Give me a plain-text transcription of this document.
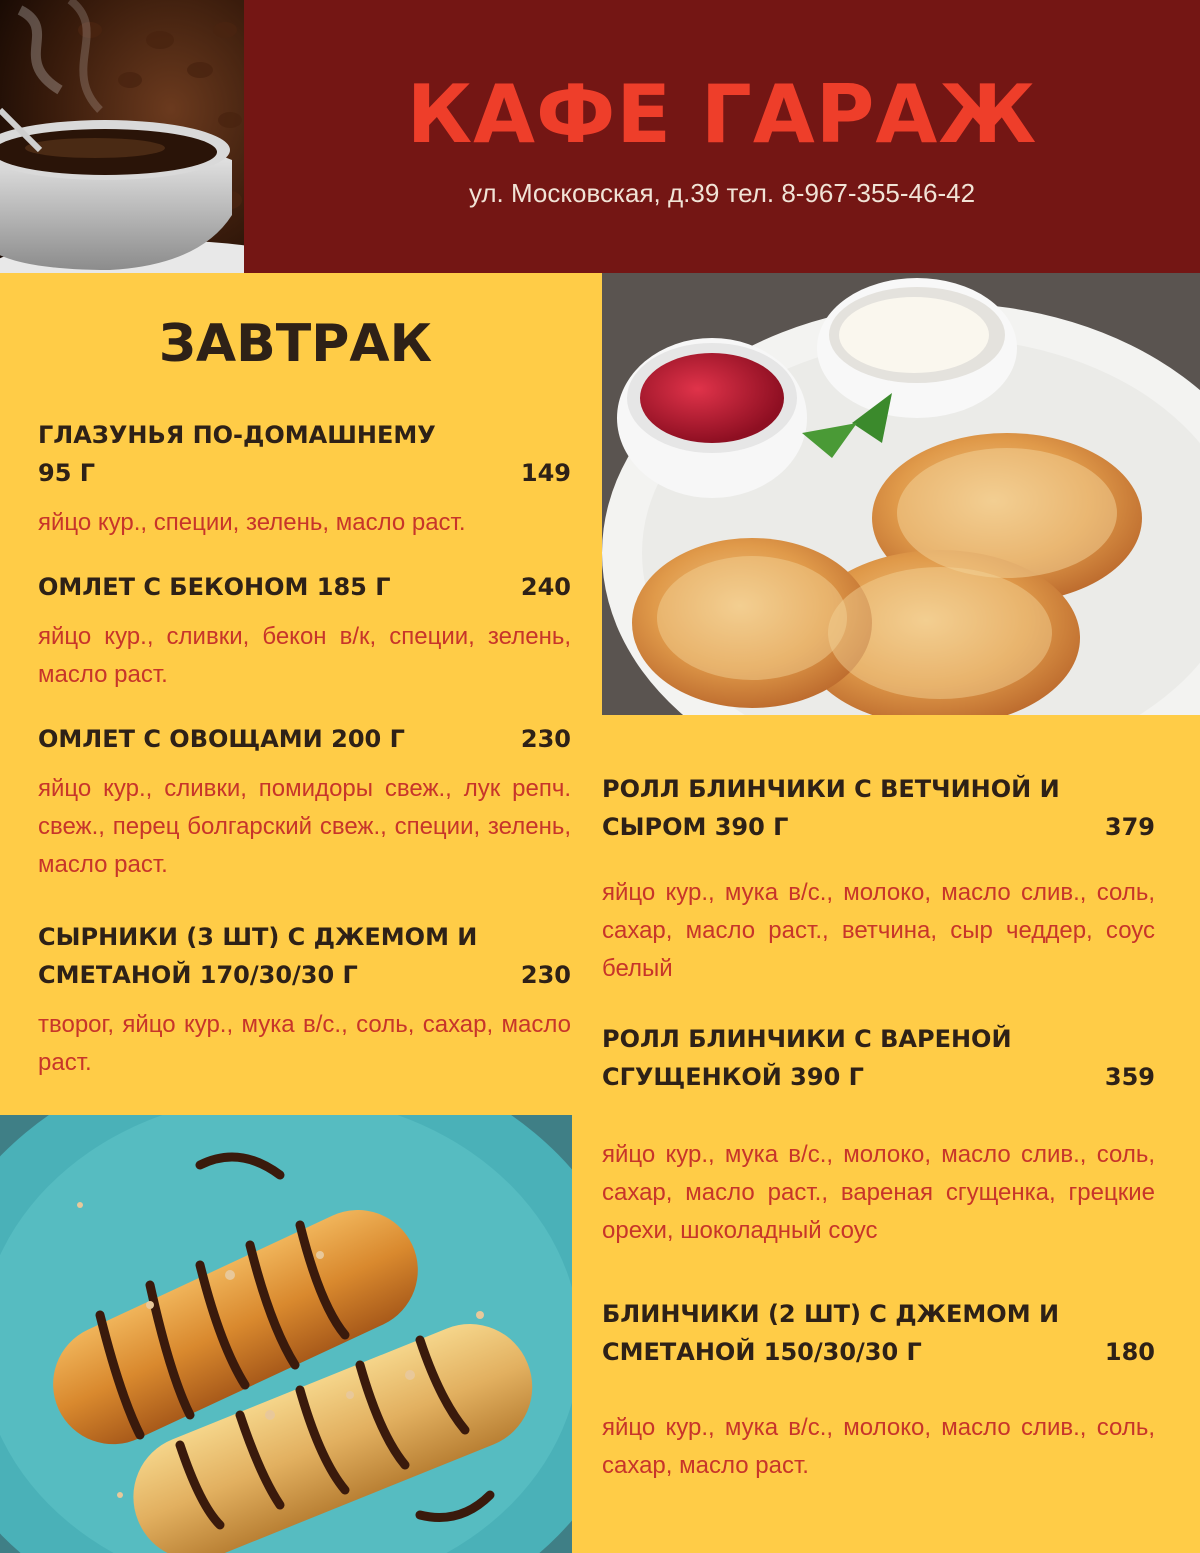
КАФЕ ГАРАЖ
ул. Московская, д.39 тел. 8-967-355-46-42
ЗАВТРАК
ГЛАЗУНЬЯ ПО-ДОМАШНЕМУ
95 Г	149
яйцо кур., специи, зелень, масло раст.
ОМЛЕТ С БЕКОНОМ 185 Г	240
яйцо кур., сливки, бекон в/к, специи, зелень, масло раст.
ОМЛЕТ С ОВОЩАМИ 200 Г	230
яйцо кур., сливки, помидоры свеж., лук репч. свеж., перец болгарский свеж., специи, зелень, масло раст.
СЫРНИКИ (3 ШТ) С ДЖЕМОМ И
СМЕТАНОЙ 170/30/30 Г	230
творог, яйцо кур., мука в/с., соль, сахар, масло раст.
РОЛЛ БЛИНЧИКИ С ВЕТЧИНОЙ И
СЫРОМ 390 Г	379
яйцо кур., мука в/с., молоко, масло слив., соль, сахар, масло раст., ветчина, сыр чеддер, соус белый
РОЛЛ БЛИНЧИКИ С ВАРЕНОЙ
СГУЩЕНКОЙ 390 Г	359
яйцо кур., мука в/с., молоко, масло слив., соль, сахар, масло раст., вареная сгущенка, грецкие орехи, шоколадный соус
БЛИНЧИКИ (2 ШТ) С ДЖЕМОМ И
СМЕТАНОЙ 150/30/30 Г	180
яйцо кур., мука в/с., молоко, масло слив., соль, сахар, масло раст.
